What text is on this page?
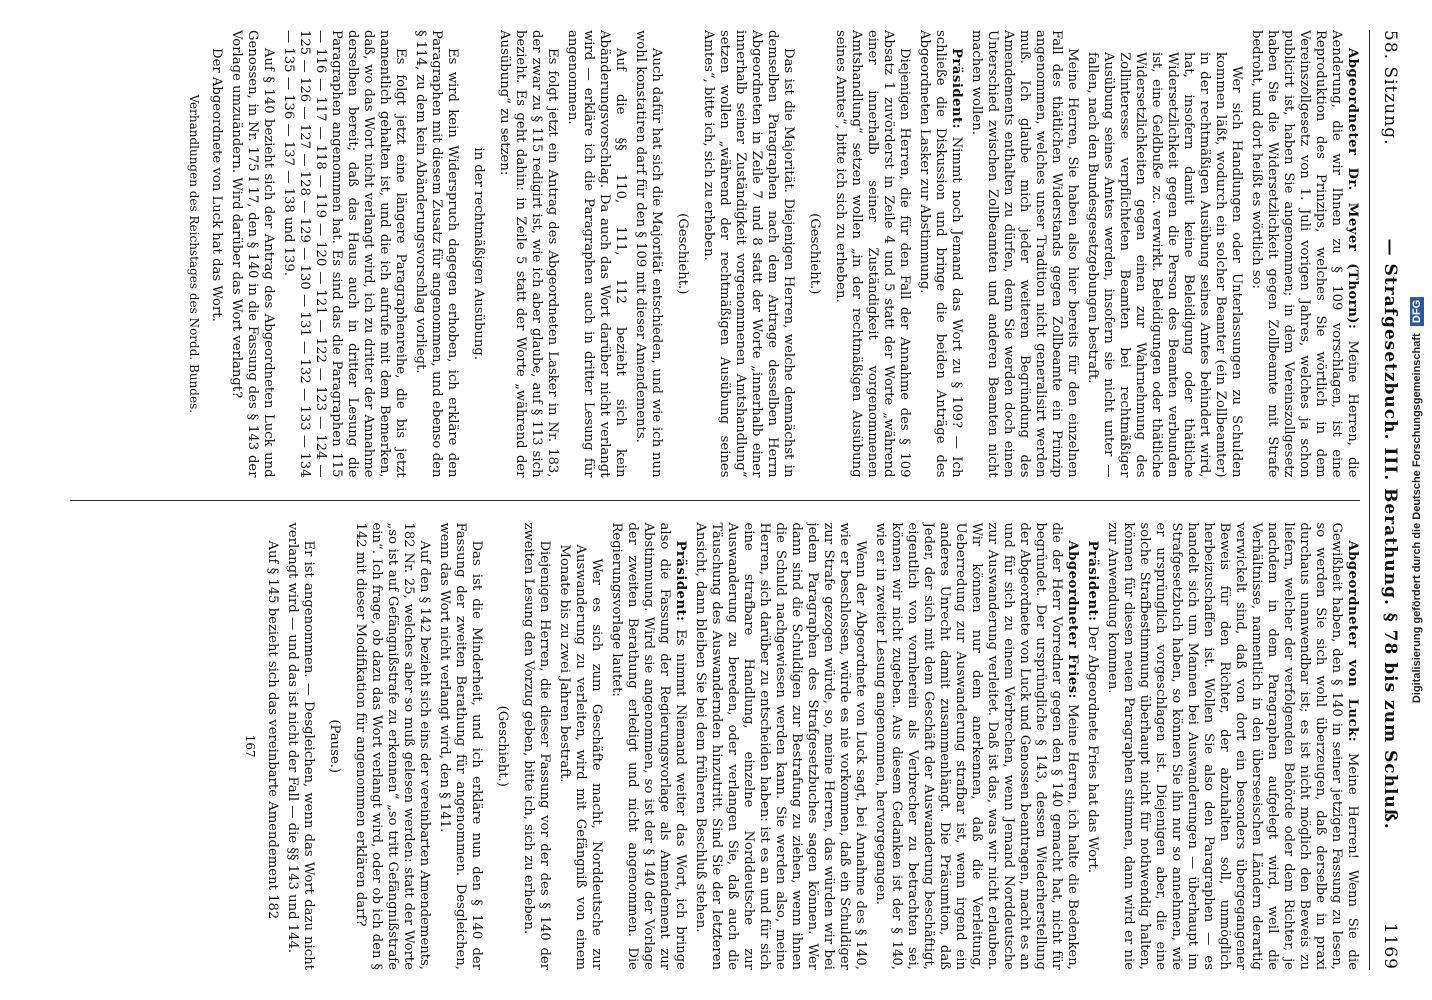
58. Sitzung.
— Strafgesetzbuch. III. Berathung. § 78 bis zum Schluß.
1169

Abgeordneter Dr. Meyer (Thorn): Meine Herren, die Aenderung, die wir Ihnen zu § 109 vorschlagen, ist eine Reproduktion des Prinzips, welches Sie wörtlich in dem Vereinszollgesetz von 1. Juli vorigen Jahres, welches ja schon publicirt ist, haben Sie angenommen; in dem Vereinszollgesetz haben Sie die Widersetzlichkeit gegen Zollbeamte mit Strafe bedroht, und dort heißt es wörtlich so:

Wer sich Handlungen oder Unterlassungen zu Schulden kommen läßt, wodurch ein solcher Beamter (ein Zollbeamter) in der rechtmäßigen Ausübung seines Amtes behindert wird, hat, insofern damit keine Beleidigung oder thätliche Widersetzlichkeit gegen die Person des Beamten verbunden ist, eine Geldbuße zc. verwirkt. Beleidigungen oder thätliche Widersetzlichkeiten gegen einen zur Wahrnehmung des Zollinteresse verpflichteten Beamten bei rechtmäßiger Ausübung seines Amtes werden, insofern sie nicht unter — fallen, nach den Bundesgesetzgebungen bestraft.

Meine Herren, Sie haben also hier bereits für den einzelnen Fall des thätlichen Widerstands gegen Zollbeamte ein Prinzip angenommen, welches unser Tradition nicht generalisirt werden muß. Ich glaube mich jeder weiteren Begründung des Amendements enthalten zu dürfen, denn Sie werden doch einen Unterschied zwischen Zollbeamten und anderen Beamten nicht machen wollen.

Präsident: Nimmt noch Jemand das Wort zu § 109? — Ich schließe die Diskussion und bringe die beiden Anträge des Abgeordneten Lasker zur Abstimmung.

Diejenigen Herren, die für den Fall der Annahme des § 109 Absatz 1 zuvörderst in Zeile 4 und 5 statt der Worte „während einer innerhalb seiner Zuständigkeit vorgenommenen Amtshandlung“ setzen wollen „in der rechtmäßigen Ausübung seines Amtes“, bitte ich sich zu erheben.

(Geschieht.)

Das ist die Majorität. Diejenigen Herren, welche demnächst in demselben Paragraphen nach dem Antrage desselben Herrn Abgeordneten in Zeile 7 und 8 statt der Worte „innerhalb einer innerhalb seiner Zuständigkeit vorgenommenen Amtshandlung“ setzen wollen „während der rechtmäßigen Ausübung seines Amtes“, bitte ich, sich zu erheben.

(Geschieht.)

Auch dafür hat sich die Majorität entschieden, und wie ich nun wohl konstatiren darf für den § 109 mit dieser Amendements.

Auf die §§ 110, 111, 112 bezieht sich kein Abänderungsvorschlag. Da auch das Wort darüber nicht verlangt wird — erkläre ich die Paragraphen auch in dritter Lesung für angenommen.

Es folgt jetzt ein Antrag des Abgeordneten Lasker in Nr. 183, der zwar zu § 115 redigirt ist, wie ich aber glaube, auf § 113 sich bezieht. Es geht dahin: in Zeile 5 statt der Worte „während der Ausübung“ zu setzen:

in der rechtmäßigen Ausübung.

Es wird kein Widerspruch dagegen erhoben, ich erkläre den Paragraphen mit diesem Zusatz für angenommen, und ebenso den § 114, zu dem kein Abänderungsvorschlag vorliegt.

Es folgt jetzt eine längere Paragraphenreihe, die bis jetzt namentlich gehalten ist, und die ich aufrufe mit dem Bemerken, daß, wo das Wort nicht verlangt wird, ich zu dritter der Annahme derselben bereit; daß das Haus auch in dritter Lesung die Paragraphen angenommen hat. Es sind das die Paragraphen 115 — 116 — 117 — 118 — 119 — 120 — 121 — 122 — 123 — 124 — 125 — 126 — 127 — 128 — 129 — 130 — 131 — 132 — 133 — 134 — 135 — 136 — 137 — 138 und 139.

Auf § 140 bezieht sich der Antrag des Abgeordneten Luck und Genossen, in Nr. 175 I 17, den § 140 in die Fassung des § 143 der Vorlage umzuändern. Wird darüber das Wort verlangt?

Der Abgeordnete von Luck hat das Wort.

Verhandlungen des Reichstages des Nordd. Bundes.

Abgeordneter von Luck: Meine Herren! Wenn Sie die Gewißheit haben, den § 140 in seiner jetzigen Fassung zu lesen, so werden Sie sich wohl überzeugen, daß derselbe in praxi durchaus unanwendbar ist; es ist nicht möglich den Beweis zu liefern, welcher der verfolgenden Behörde oder dem Richter, je nachdem in dem Paragraphen aufgelegt wird, weil die Verhältnisse, namentlich in den überseeischen Ländern derartig verwickelt sind, daß von dort ein besonders übergegangener Beweis für den Richter, der abzuhalten soll, unmöglich herbeizuschaffen ist. Wollen Sie also den Paragraphen — es handelt sich um Mannen bei Auswanderungen — überhaupt im Strafgesetzbuch haben, so können Sie ihn nur so annehmen, wie er ursprünglich vorgeschlagen ist. Diejenigen aber, die eine solche Strafbestimmung überhaupt nicht für nothwendig halten, können für diesen neuen Paragraphen stimmen, dann wird er nie zur Anwendung kommen.

Präsident: Der Abgeordnete Fries hat das Wort.

Abgeordneter Fries: Meine Herren, ich halte die Bedenken, die der Herr Vorredner gegen den § 140 gemacht hat, nicht für begründet. Der ursprüngliche § 143, dessen Wiederherstellung der Abgeordnete von Luck und Genossen beantragen, macht es an und für sich zu einem Verbrechen, wenn Jemand Norddeutsche zur Auswanderung verleitet. Daß ist das, was wir nicht erlauben. Wir können nur dem anerkennen, daß die Verleitung, Ueberredung zur Auswanderung strafbar ist, wenn irgend ein anderes Unrecht damit zusammenhängt. Die Präsumtion, daß Jeder, der sich mit dem Geschäft der Auswanderung beschäftigt, eigentlich von vornherein als Verbrecher zu betrachten sei, können wir nicht zugeben. Aus diesem Gedanken ist der § 140, wie er in zweiter Lesung angenommen, hervorgegangen.

Wenn der Abgeordnete von Luck sagt, bei Annahme des § 140, wie er beschlossen, würde es nie vorkommen, daß ein Schuldiger zur Strafe gezogen würde, so, meine Herren, das würden wir bei jedem Paragraphen des Strafgesetzbuches sagen können. Wer dann sind die Schuldigen zur Bestrafung zu ziehen, wenn ihnen die Schuld nachgewiesen werden kann. Sie werden also, meine Herren, sich darüber zu entscheiden haben: ist es an und für sich eine strafbare Handlung, einzelne Norddeutsche zur Auswanderung zu bereden, oder verlangen Sie, daß auch die Täuschung des Auswandernden hinzutritt. Sind Sie der letzteren Ansicht, dann bleiben Sie bei dem früheren Beschluß stehen.

Präsident: Es nimmt Niemand weiter das Wort, ich bringe also die Fassung der Regierungsvorlage als Amendement zur Abstimmung. Wird sie angenommen, so ist der § 140 der Vorlage der zweiten Berathung erledigt und nicht angenommen. Die Regierungsvorlage lautet:

Wer es sich zum Geschäfte macht, Norddeutsche zur Auswanderung zu verleiten, wird mit Gefängniß von einem Monate bis zu zwei Jahren bestraft.

Diejenigen Herren, die dieser Fassung vor der des § 140 der zweiten Lesung den Vorzug geben, bitte ich, sich zu erheben.

(Geschieht.)

Das ist die Minderheit, und ich erkläre nun den § 140 der Fassung der zweiten Berathung für angenommen. Desgleichen, wenn das Wort nicht verlangt wird, den § 141.

Auf den § 142 bezieht sich eins der vereinbarten Amendements, 182 Nr. 25, welches aber so muß gelesen werden: statt der Worte „so ist auf Gefängnißstrafe zu erkennen“ „so tritt Gefängnißstrafe ein“. Ich frage, ob dazu das Wort verlangt wird, oder ob ich den § 142 mit dieser Modifikation für angenommen erklären darf?

(Pause.)

Er ist angenommen. — Desgleichen, wenn das Wort dazu nicht verlangt wird — und das ist nicht der Fall — die §§ 143 und 144.

Auf § 145 bezieht sich das vereinbarte Amendement 182

167
Digitalisierung gefördert durch die Deutsche Forschungsgemeinschaft DFG
